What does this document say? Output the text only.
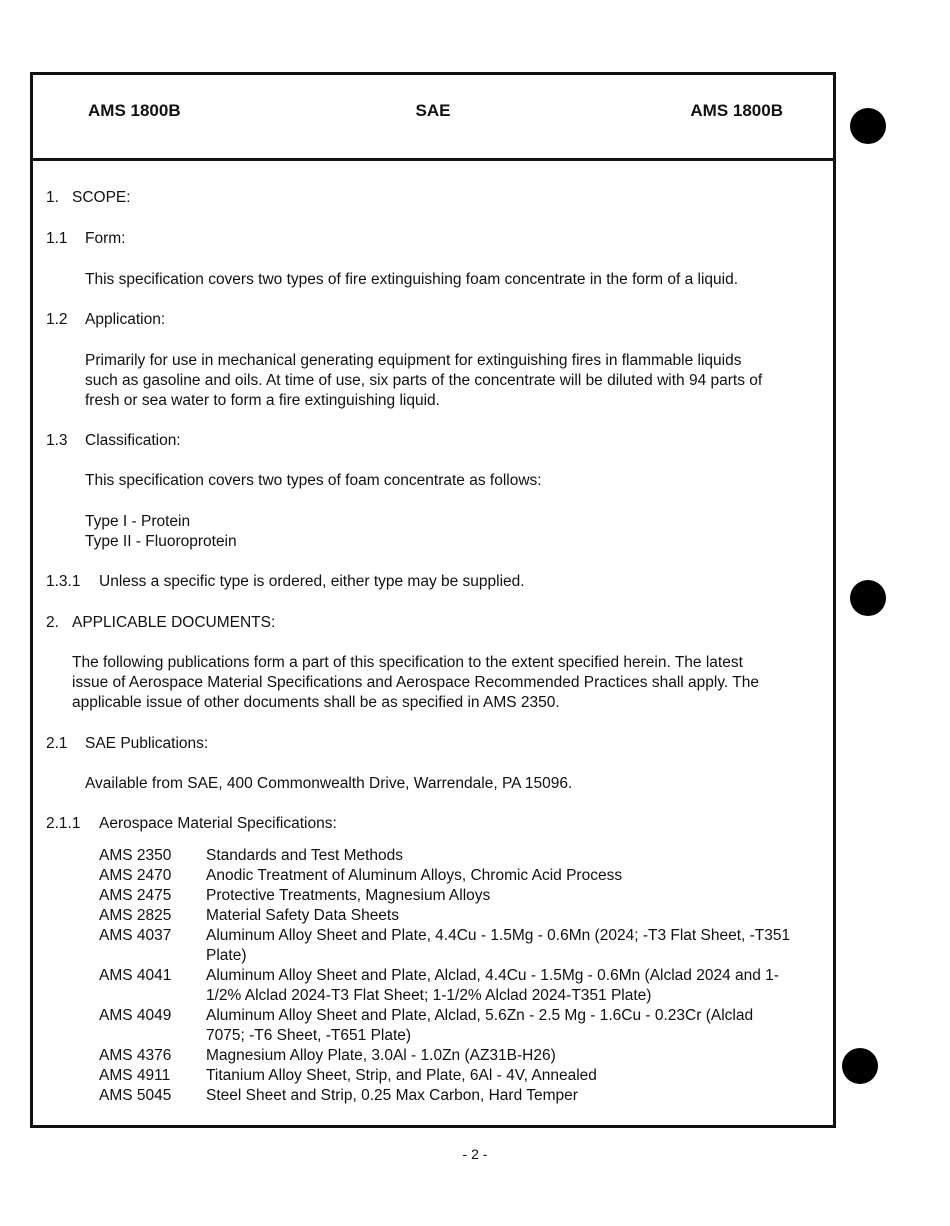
AMS 1800B	SAE	AMS 1800B
1. SCOPE:
1.1 Form:
This specification covers two types of fire extinguishing foam concentrate in the form of a liquid.
1.2 Application:
Primarily for use in mechanical generating equipment for extinguishing fires in flammable liquids
such as gasoline and oils. At time of use, six parts of the concentrate will be diluted with 94 parts of
fresh or sea water to form a fire extinguishing liquid.
1.3 Classification:
This specification covers two types of foam concentrate as follows:
Type I - Protein
Type II - Fluoroprotein
1.3.1 Unless a specific type is ordered, either type may be supplied.
2. APPLICABLE DOCUMENTS:
The following publications form a part of this specification to the extent specified herein. The latest
issue of Aerospace Material Specifications and Aerospace Recommended Practices shall apply. The
applicable issue of other documents shall be as specified in AMS 2350.
2.1 SAE Publications:
Available from SAE, 400 Commonwealth Drive, Warrendale, PA 15096.
2.1.1 Aerospace Material Specifications:
AMS 2350	Standards and Test Methods
AMS 2470	Anodic Treatment of Aluminum Alloys, Chromic Acid Process
AMS 2475	Protective Treatments, Magnesium Alloys
AMS 2825	Material Safety Data Sheets
AMS 4037	Aluminum Alloy Sheet and Plate, 4.4Cu - 1.5Mg - 0.6Mn (2024; -T3 Flat Sheet, -T351 Plate)
AMS 4041	Aluminum Alloy Sheet and Plate, Alclad, 4.4Cu - 1.5Mg - 0.6Mn (Alclad 2024 and 1-1/2% Alclad 2024-T3 Flat Sheet; 1-1/2% Alclad 2024-T351 Plate)
AMS 4049	Aluminum Alloy Sheet and Plate, Alclad, 5.6Zn - 2.5 Mg - 1.6Cu - 0.23Cr (Alclad 7075; -T6 Sheet, -T651 Plate)
AMS 4376	Magnesium Alloy Plate, 3.0Al - 1.0Zn (AZ31B-H26)
AMS 4911	Titanium Alloy Sheet, Strip, and Plate, 6Al - 4V, Annealed
AMS 5045	Steel Sheet and Strip, 0.25 Max Carbon, Hard Temper
- 2 -
